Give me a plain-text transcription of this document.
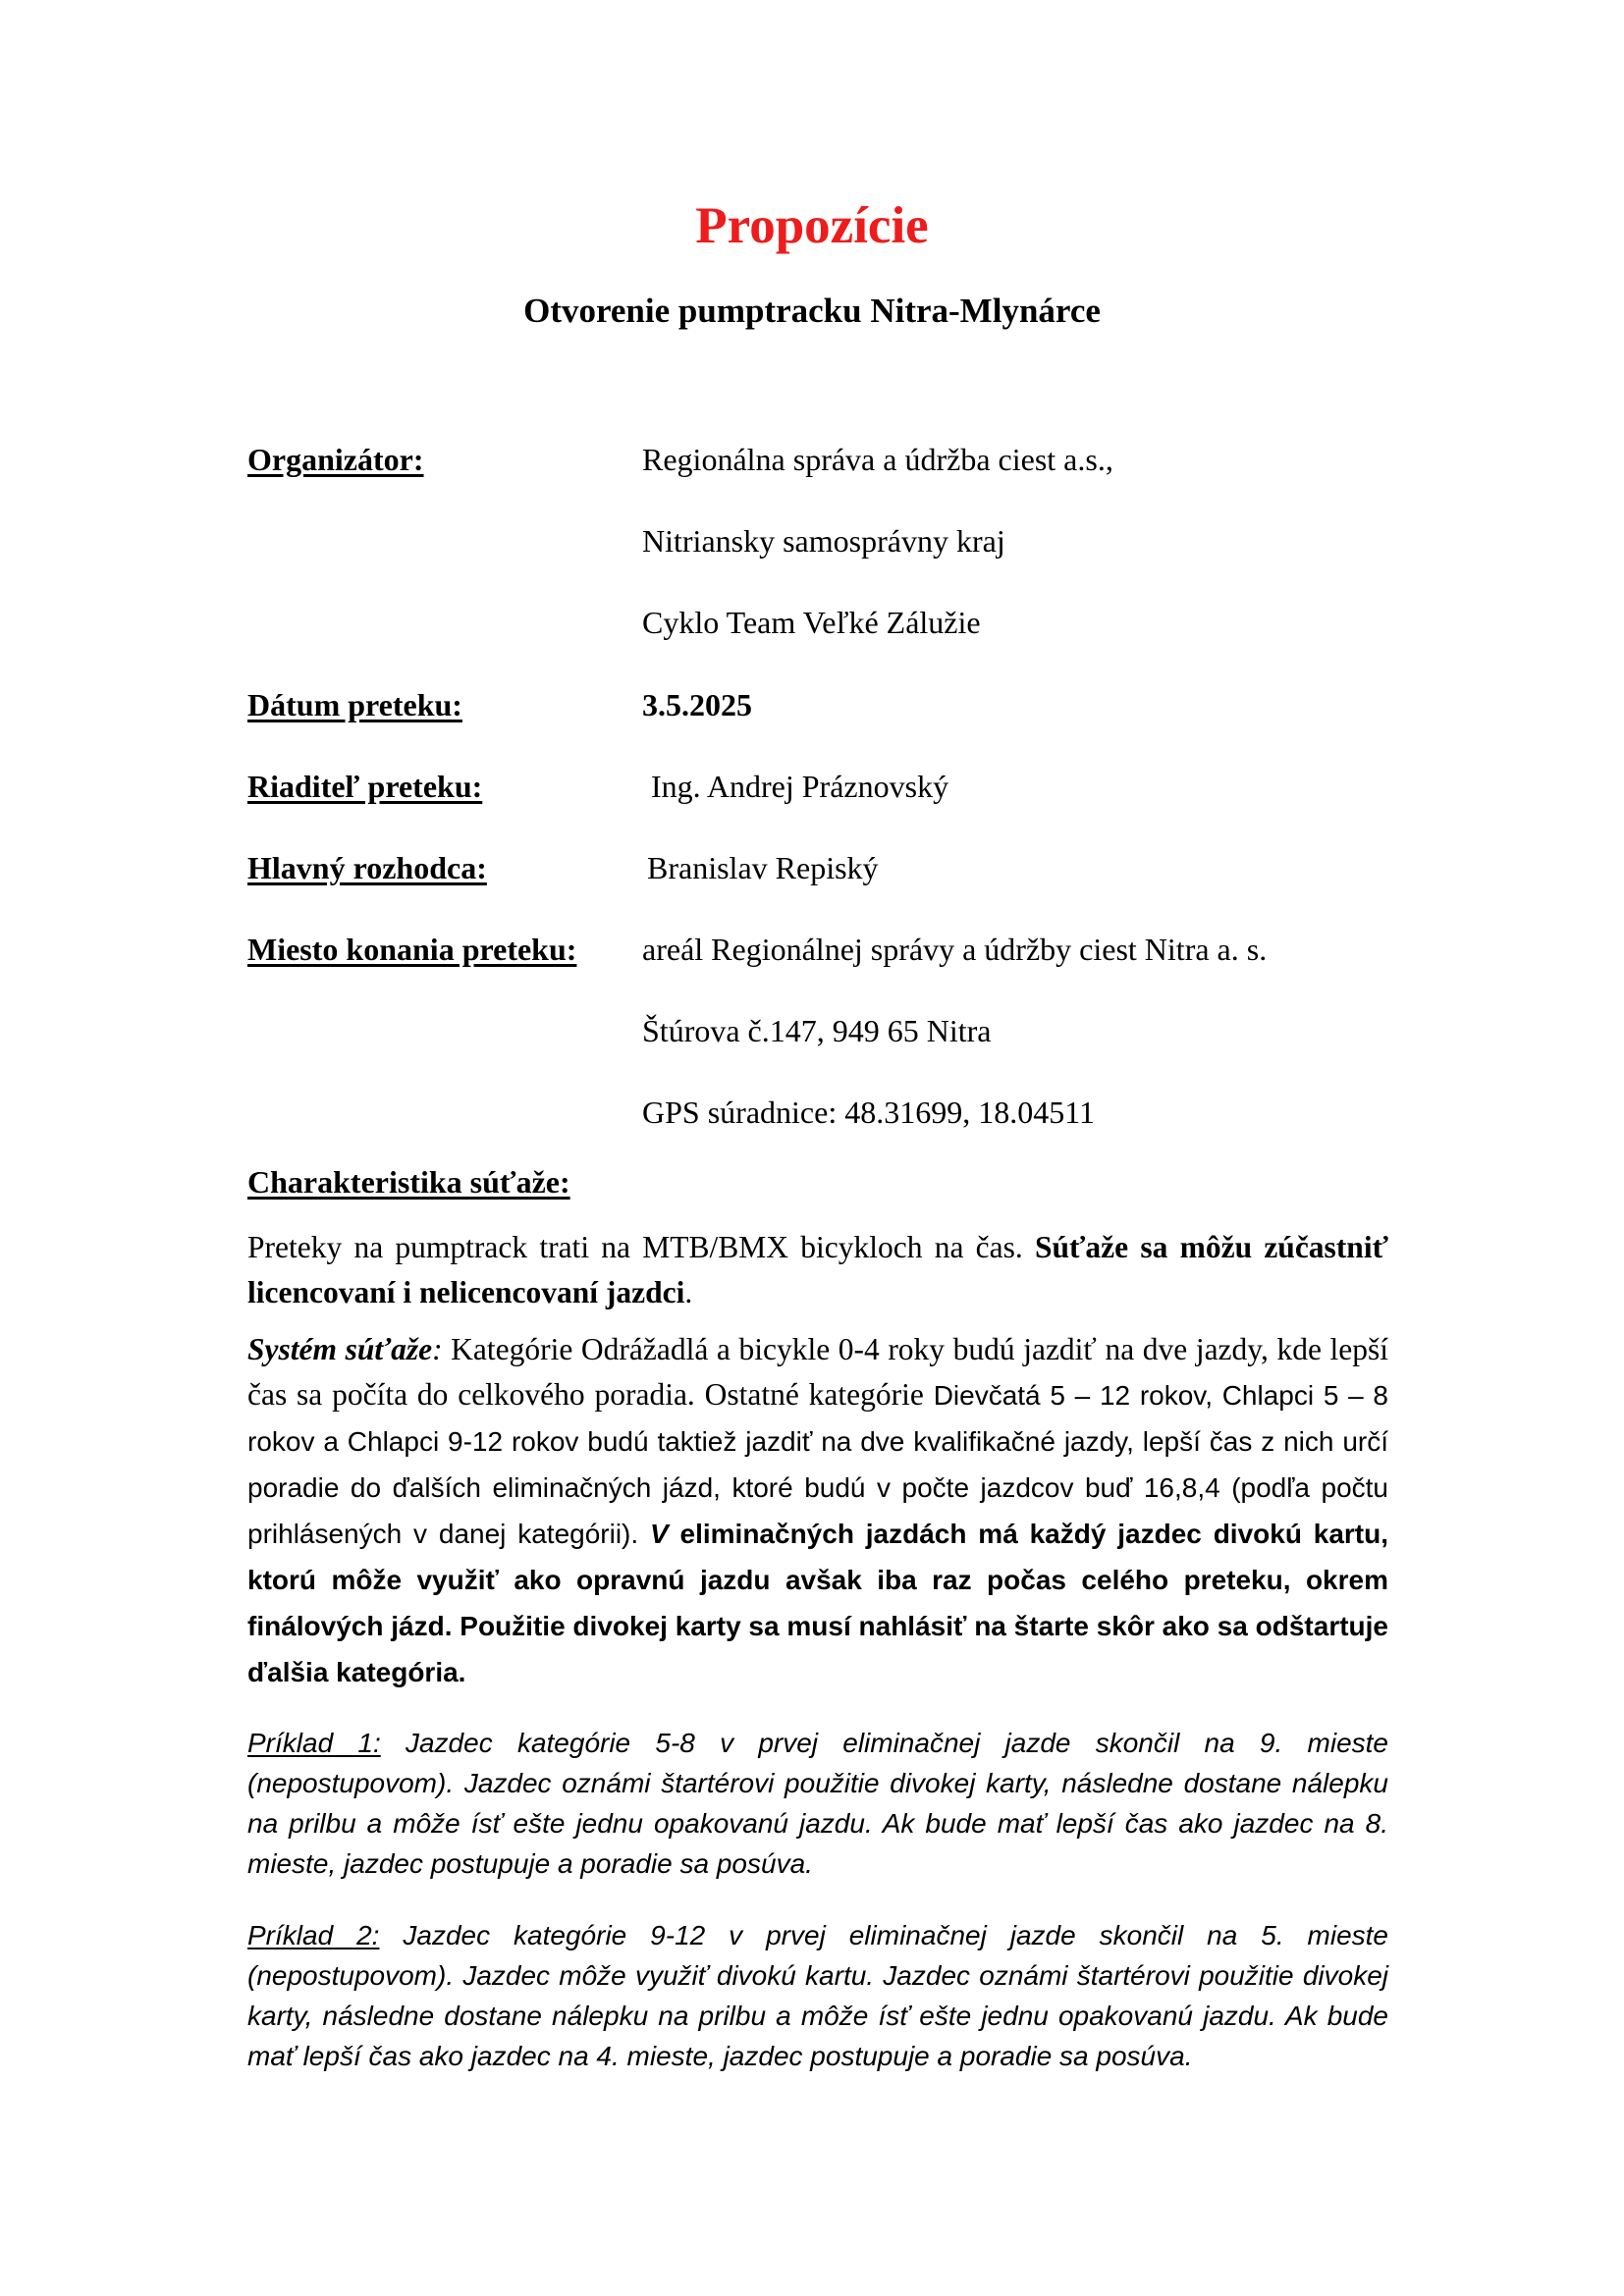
Propozície
Otvorenie pumptracku Nitra-Mlynárce
Organizátor:	Regionálna správa a údržba ciest a.s.,
Nitriansky samosprávny kraj
Cyklo Team Veľké Zálužie
Dátum preteku:	3.5.2025
Riaditeľ preteku:	Ing. Andrej Práznovský
Hlavný rozhodca:	Branislav Repiský
Miesto konania preteku: areál Regionálnej správy a údržby ciest Nitra a. s.
Štúrova č.147, 949 65 Nitra
GPS súradnice: 48.31699, 18.04511
Charakteristika súťaže:
Preteky na pumptrack trati na MTB/BMX bicykloch na čas. Súťaže sa môžu zúčastniť licencovaní i nelicencovaní jazdci.
Systém súťaže: Kategórie Odrážadlá a bicykle 0-4 roky budú jazdiť na dve jazdy, kde lepší čas sa počíta do celkového poradia. Ostatné kategórie Dievčatá 5 – 12 rokov, Chlapci 5 – 8 rokov a Chlapci 9-12 rokov budú taktiež jazdiť na dve kvalifikačné jazdy, lepší čas z nich určí poradie do ďalších eliminačných jázd, ktoré budú v počte jazdcov buď 16,8,4 (podľa počtu prihlásených v danej kategórii). V eliminačných jazdách má každý jazdec divokú kartu, ktorú môže využiť ako opravnú jazdu avšak iba raz počas celého preteku, okrem finálových jázd. Použitie divokej karty sa musí nahlásiť na štarte skôr ako sa odštartuje ďalšia kategória.
Príklad 1: Jazdec kategórie 5-8 v prvej eliminačnej jazde skončil na 9. mieste (nepostupovom). Jazdec oznámi štartérovi použitie divokej karty, následne dostane nálepku na prilbu a môže ísť ešte jednu opakovanú jazdu. Ak bude mať lepší čas ako jazdec na 8. mieste, jazdec postupuje a poradie sa posúva.
Príklad 2: Jazdec kategórie 9-12 v prvej eliminačnej jazde skončil na 5. mieste (nepostupovom). Jazdec môže využiť divokú kartu. Jazdec oznámi štartérovi použitie divokej karty, následne dostane nálepku na prilbu a môže ísť ešte jednu opakovanú jazdu. Ak bude mať lepší čas ako jazdec na 4. mieste, jazdec postupuje a poradie sa posúva.
